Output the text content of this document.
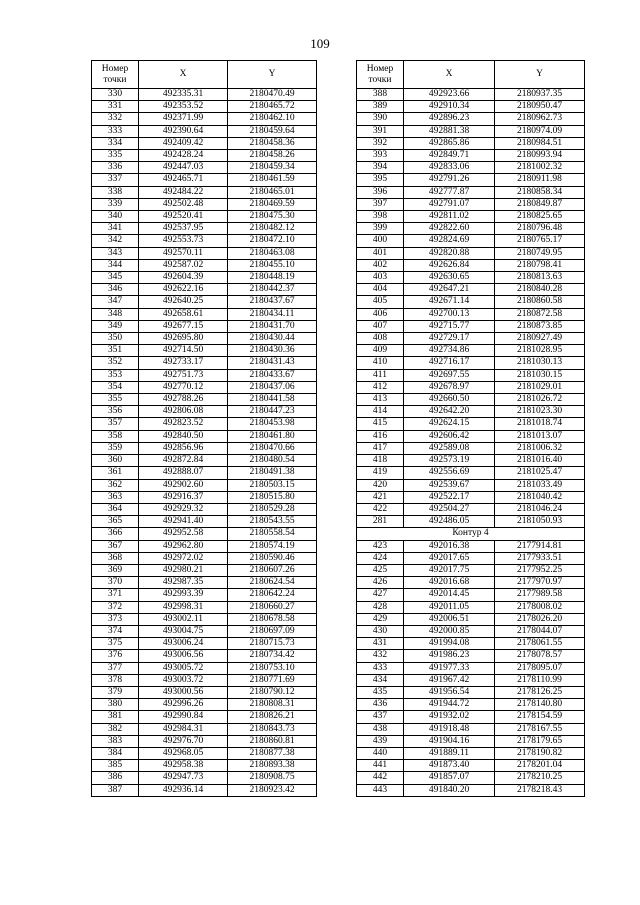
109
Номер
точки	X	Y
330	492335.31	2180470.49
331	492353.52	2180465.72
332	492371.99	2180462.10
333	492390.64	2180459.64
334	492409.42	2180458.36
335	492428.24	2180458.26
336	492447.03	2180459.34
337	492465.71	2180461.59
338	492484.22	2180465.01
339	492502.48	2180469.59
340	492520.41	2180475.30
341	492537.95	2180482.12
342	492553.73	2180472.10
343	492570.11	2180463.08
344	492587.02	2180455.10
345	492604.39	2180448.19
346	492622.16	2180442.37
347	492640.25	2180437.67
348	492658.61	2180434.11
349	492677.15	2180431.70
350	492695.80	2180430.44
351	492714.50	2180430.36
352	492733.17	2180431.43
353	492751.73	2180433.67
354	492770.12	2180437.06
355	492788.26	2180441.58
356	492806.08	2180447.23
357	492823.52	2180453.98
358	492840.50	2180461.80
359	492856.96	2180470.66
360	492872.84	2180480.54
361	492888.07	2180491.38
362	492902.60	2180503.15
363	492916.37	2180515.80
364	492929.32	2180529.28
365	492941.40	2180543.55
366	492952.58	2180558.54
367	492962.80	2180574.19
368	492972.02	2180590.46
369	492980.21	2180607.26
370	492987.35	2180624.54
371	492993.39	2180642.24
372	492998.31	2180660.27
373	493002.11	2180678.58
374	493004.75	2180697.09
375	493006.24	2180715.73
376	493006.56	2180734.42
377	493005.72	2180753.10
378	493003.72	2180771.69
379	493000.56	2180790.12
380	492996.26	2180808.31
381	492990.84	2180826.21
382	492984.31	2180843.73
383	492976.70	2180860.81
384	492968.05	2180877.38
385	492958.38	2180893.38
386	492947.73	2180908.75
387	492936.14	2180923.42
Номер
точки	X	Y
388	492923.66	2180937.35
389	492910.34	2180950.47
390	492896.23	2180962.73
391	492881.38	2180974.09
392	492865.86	2180984.51
393	492849.71	2180993.94
394	492833.06	2181002.32
395	492791.26	2180911.98
396	492777.87	2180858.34
397	492791.07	2180849.87
398	492811.02	2180825.65
399	492822.60	2180796.48
400	492824.69	2180765.17
401	492820.88	2180749.95
402	492626.84	2180798.41
403	492630.65	2180813.63
404	492647.21	2180840.28
405	492671.14	2180860.58
406	492700.13	2180872.58
407	492715.77	2180873.85
408	492729.17	2180927.49
409	492734.86	2181028.95
410	492716.17	2181030.13
411	492697.55	2181030.15
412	492678.97	2181029.01
413	492660.50	2181026.72
414	492642.20	2181023.30
415	492624.15	2181018.74
416	492606.42	2181013.07
417	492589.08	2181006.32
418	492573.19	2181016.40
419	492556.69	2181025.47
420	492539.67	2181033.49
421	492522.17	2181040.42
422	492504.27	2181046.24
281	492486.05	2181050.93
Контур 4		
423	492016.38	2177914.81
424	492017.65	2177933.51
425	492017.75	2177952.25
426	492016.68	2177970.97
427	492014.45	2177989.58
428	492011.05	2178008.02
429	492006.51	2178026.20
430	492000.85	2178044.07
431	491994.08	2178061.55
432	491986.23	2178078.57
433	491977.33	2178095.07
434	491967.42	2178110.99
435	491956.54	2178126.25
436	491944.72	2178140.80
437	491932.02	2178154.59
438	491918.48	2178167.55
439	491904.16	2178179.65
440	491889.11	2178190.82
441	491873.40	2178201.04
442	491857.07	2178210.25
443	491840.20	2178218.43
